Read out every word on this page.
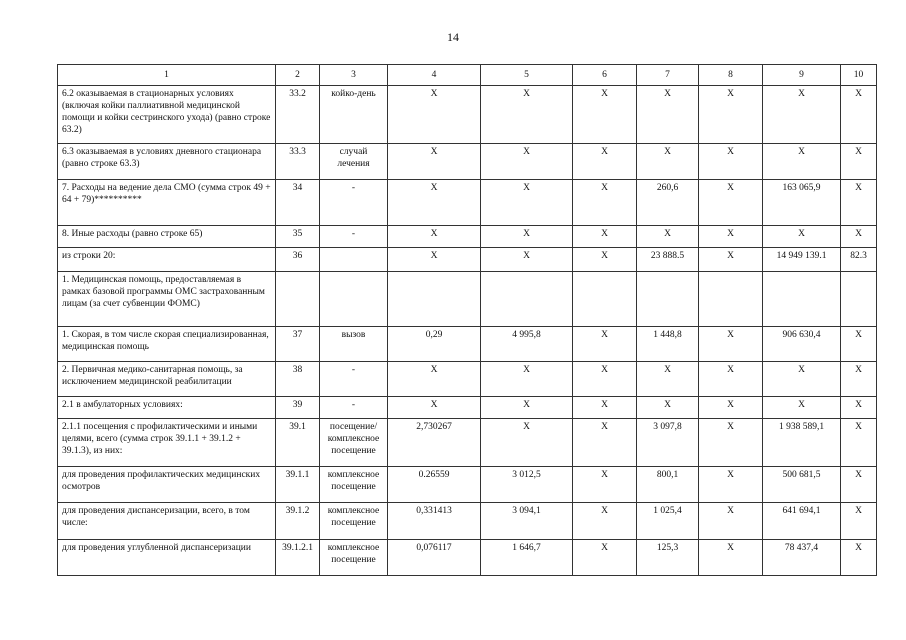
14
1	2	3	4	5	6	7	8	9	10
6.2 оказываемая в стационарных условиях (включая койки паллиативной медицинской помощи и койки сестринского ухода) (равно строке 63.2)	33.2	койко-день	X	X	X	X	X	X	X
6.3 оказываемая в условиях дневного стационара (равно строке 63.3)	33.3	случай лечения	X	X	X	X	X	X	X
7. Расходы на ведение дела СМО (сумма строк 49 + 64 + 79)**********	34	-	X	X	X	260,6	X	163 065,9	X
8. Иные расходы (равно строке 65)	35	-	X	X	X	X	X	X	X
из строки 20:	36		X	X	X	23 888.5	X	14 949 139.1	82.3
1. Медицинская помощь, предоставляемая в рамках базовой программы ОМС застрахованным лицам (за счет субвенции ФОМС)									
1. Скорая, в том числе скорая специализированная, медицинская помощь	37	вызов	0,29	4 995,8	X	1 448,8	X	906 630,4	X
2. Первичная медико-санитарная помощь, за исключением медицинской реабилитации	38	-	X	X	X	X	X	X	X
2.1 в амбулаторных условиях:	39	-	X	X	X	X	X	X	X
2.1.1 посещения с профилактическими и иными целями, всего (сумма строк 39.1.1 + 39.1.2 + 39.1.3), из них:	39.1	посещение/ комплексное посещение	2,730267	X	X	3 097,8	X	1 938 589,1	X
для проведения профилактических медицинских осмотров	39.1.1	комплексное посещение	0.26559	3 012,5	X	800,1	X	500 681,5	X
для проведения диспансеризации, всего, в том числе:	39.1.2	комплексное посещение	0,331413	3 094,1	X	1 025,4	X	641 694,1	X
для проведения углубленной диспансеризации	39.1.2.1	комплексное посещение	0,076117	1 646,7	X	125,3	X	78 437,4	X
